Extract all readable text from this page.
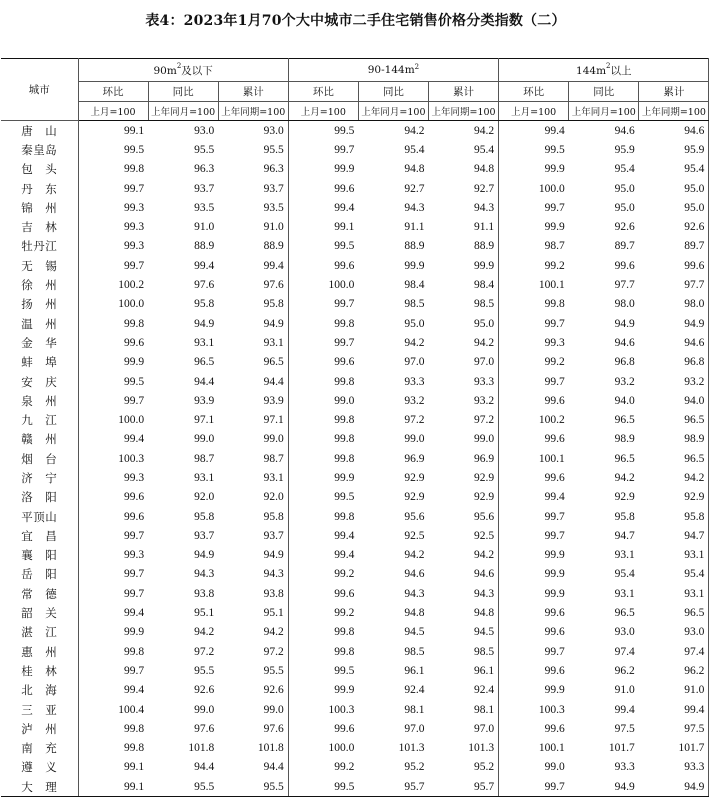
表4：2023年1月70个大中城市二手住宅销售价格分类指数（二）
城市	$90m^2$及以下			$90-144m^2$			$144m^2$以上		
	环比	同比	累计	环比	同比	累计	环比	同比	累计
	上月=100	上年同月=100	上年同期=100	上月=100	上年同月=100	上年同期=100	上月=100	上年同月=100	上年同期=100
唐　山	99.1	93.0	93.0	99.5	94.2	94.2	99.4	94.6	94.6
秦皇岛	99.5	95.5	95.5	99.7	95.4	95.4	99.5	95.9	95.9
包　头	99.8	96.3	96.3	99.9	94.8	94.8	99.9	95.4	95.4
丹　东	99.7	93.7	93.7	99.6	92.7	92.7	100.0	95.0	95.0
锦　州	99.3	93.5	93.5	99.4	94.3	94.3	99.7	95.0	95.0
吉　林	99.3	91.0	91.0	99.1	91.1	91.1	99.9	92.6	92.6
牡丹江	99.3	88.9	88.9	99.5	88.9	88.9	98.7	89.7	89.7
无　锡	99.7	99.4	99.4	99.6	99.9	99.9	99.2	99.6	99.6
徐　州	100.2	97.6	97.6	100.0	98.4	98.4	100.1	97.7	97.7
扬　州	100.0	95.8	95.8	99.7	98.5	98.5	99.8	98.0	98.0
温　州	99.8	94.9	94.9	99.8	95.0	95.0	99.7	94.9	94.9
金　华	99.6	93.1	93.1	99.7	94.2	94.2	99.3	94.6	94.6
蚌　埠	99.9	96.5	96.5	99.6	97.0	97.0	99.2	96.8	96.8
安　庆	99.5	94.4	94.4	99.8	93.3	93.3	99.7	93.2	93.2
泉　州	99.7	93.9	93.9	99.0	93.2	93.2	99.6	94.0	94.0
九　江	100.0	97.1	97.1	99.8	97.2	97.2	100.2	96.5	96.5
赣　州	99.4	99.0	99.0	99.8	99.0	99.0	99.6	98.9	98.9
烟　台	100.3	98.7	98.7	99.8	96.9	96.9	100.1	96.5	96.5
济　宁	99.3	93.1	93.1	99.9	92.9	92.9	99.6	94.2	94.2
洛　阳	99.6	92.0	92.0	99.5	92.9	92.9	99.4	92.9	92.9
平顶山	99.6	95.8	95.8	99.8	95.6	95.6	99.7	95.8	95.8
宜　昌	99.7	93.7	93.7	99.4	92.5	92.5	99.7	94.7	94.7
襄　阳	99.3	94.9	94.9	99.4	94.2	94.2	99.9	93.1	93.1
岳　阳	99.7	94.3	94.3	99.2	94.6	94.6	99.9	95.4	95.4
常　德	99.7	93.8	93.8	99.6	94.3	94.3	99.9	93.1	93.1
韶　关	99.4	95.1	95.1	99.2	94.8	94.8	99.6	96.5	96.5
湛　江	99.9	94.2	94.2	99.8	94.5	94.5	99.6	93.0	93.0
惠　州	99.8	97.2	97.2	99.8	98.5	98.5	99.7	97.4	97.4
桂　林	99.7	95.5	95.5	99.5	96.1	96.1	99.6	96.2	96.2
北　海	99.4	92.6	92.6	99.9	92.4	92.4	99.9	91.0	91.0
三　亚	100.4	99.0	99.0	100.3	98.1	98.1	100.3	99.4	99.4
泸　州	99.8	97.6	97.6	99.6	97.0	97.0	99.6	97.5	97.5
南　充	99.8	101.8	101.8	100.0	101.3	101.3	100.1	101.7	101.7
遵　义	99.1	94.4	94.4	99.2	95.2	95.2	99.0	93.3	93.3
大　理	99.1	95.5	95.5	99.5	95.7	95.7	99.7	94.9	94.9
